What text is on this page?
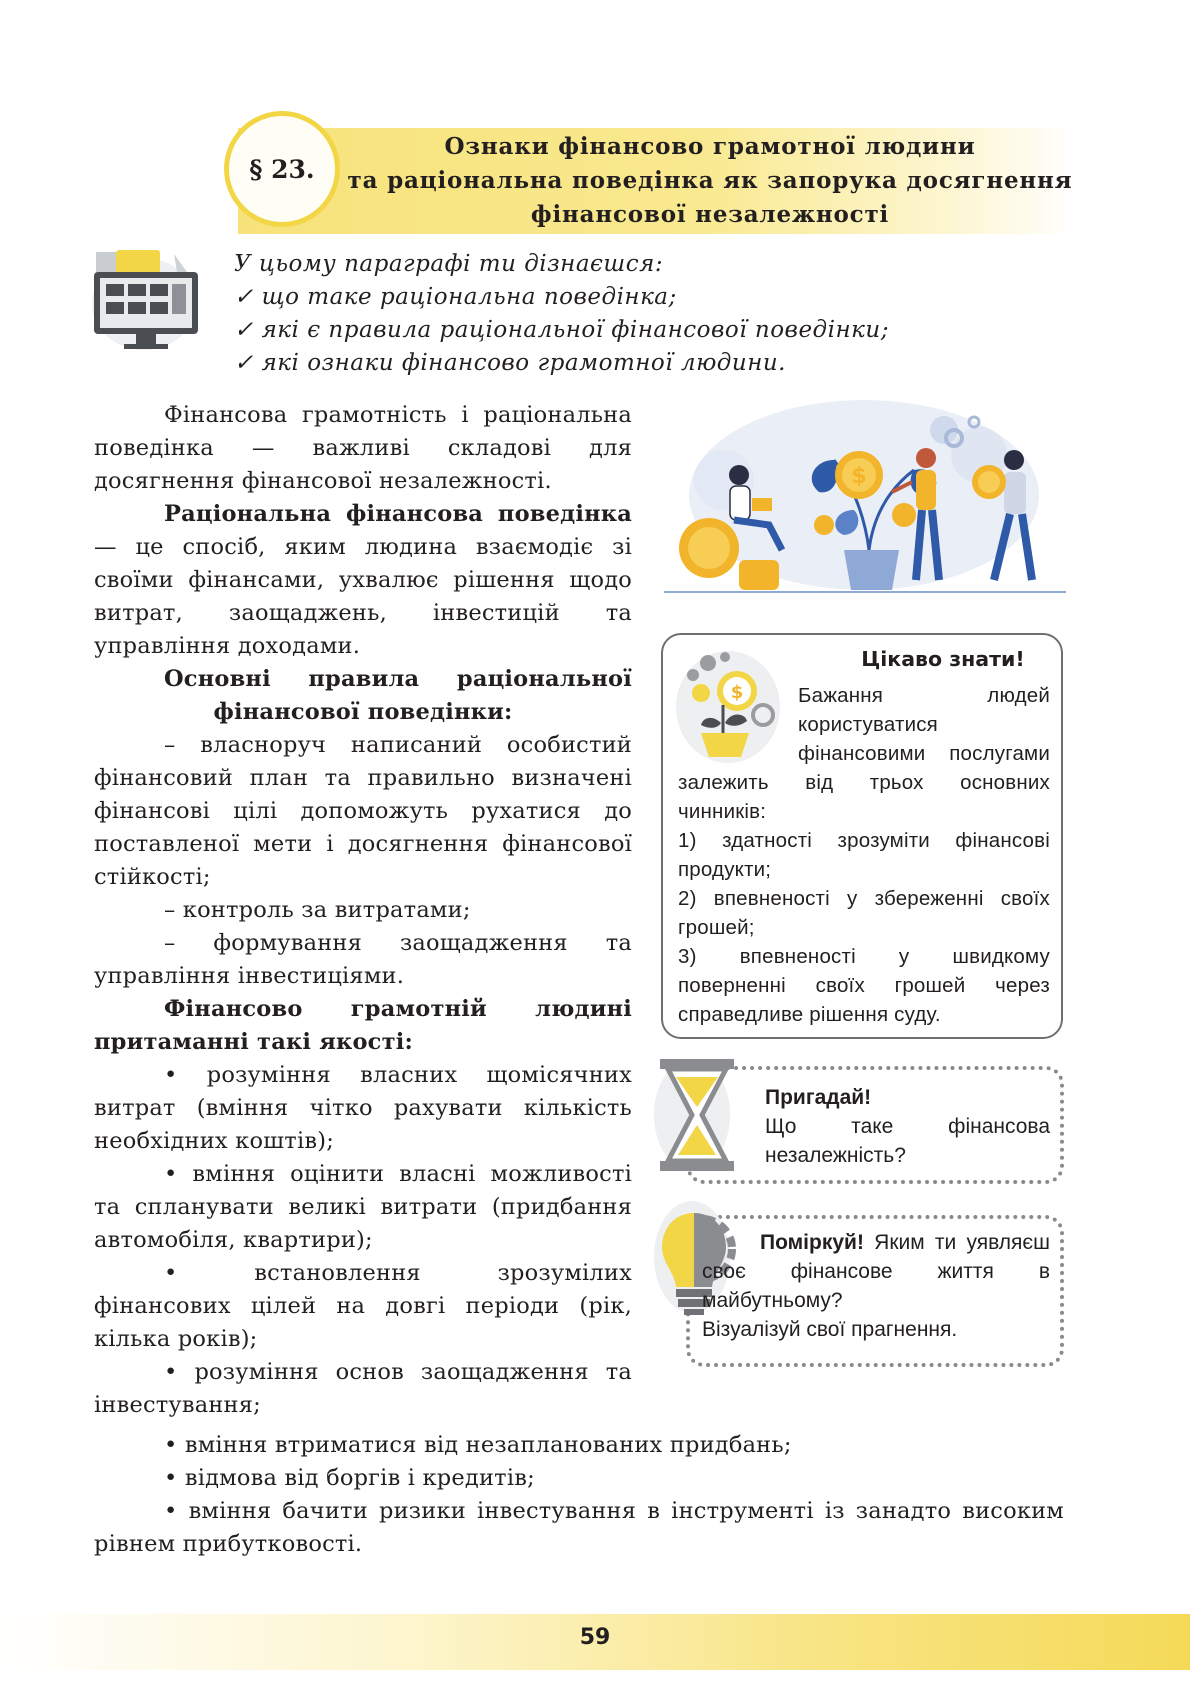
§ 23.
Ознаки фінансово грамотної людини
та раціональна поведінка як запорука досягнення
фінансової незалежності
У цьому параграфі ти дізнаєшся:
✓ що таке раціональна поведінка;
✓ які є правила раціональної фінансової поведінки;
✓ які ознаки фінансово грамотної людини.

Фінансова грамотність і раціональна поведінка — важливі складові для досягнення фінансової незалежності.

Раціональна фінансова поведінка — це спосіб, яким людина взаємодіє зі своїми фінансами, ухвалює рішення щодо витрат, заощаджень, інвестицій та управління доходами.

Основні правила раціональної

фінансової поведінки:

– власноруч написаний особистий фінансовий план та правильно визначені фінансові цілі допоможуть рухатися до поставленої мети і досягнення фінансової стійкості;

– контроль за витратами;

– формування заощадження та управління інвестиціями.

Фінансово грамотній людині притаманні такі якості:

• розуміння власних щомісячних витрат (вміння чітко рахувати кількість необхідних коштів);

• вміння оцінити власні можливості та спланувати великі витрати (придбання автомобіля, квартири);

• встановлення зрозумілих фінансових цілей на довгі періоди (рік, кілька років);

• розуміння основ заощадження та інвестування;

• вміння втриматися від незапланованих придбань;

• відмова від боргів і кредитів;

• вміння бачити ризики інвестування в інструменті із занадто високим рівнем прибутковості.

$
$
Цікаво знати!

Бажання людей користуватися фінансовими послугами залежить від трьох основних чинників:

1) здатності зрозуміти фінансові продукти;

2) впевненості у збереженні своїх грошей;

3) впевненості у швидкому поверненні своїх грошей через справедливе рішення суду.

Пригадай!
Що таке фінансова незалежність?
Поміркуй! Яким ти уявляєш своє фінансове життя в майбутньому?
Візуалізуй свої прагнення.
59
